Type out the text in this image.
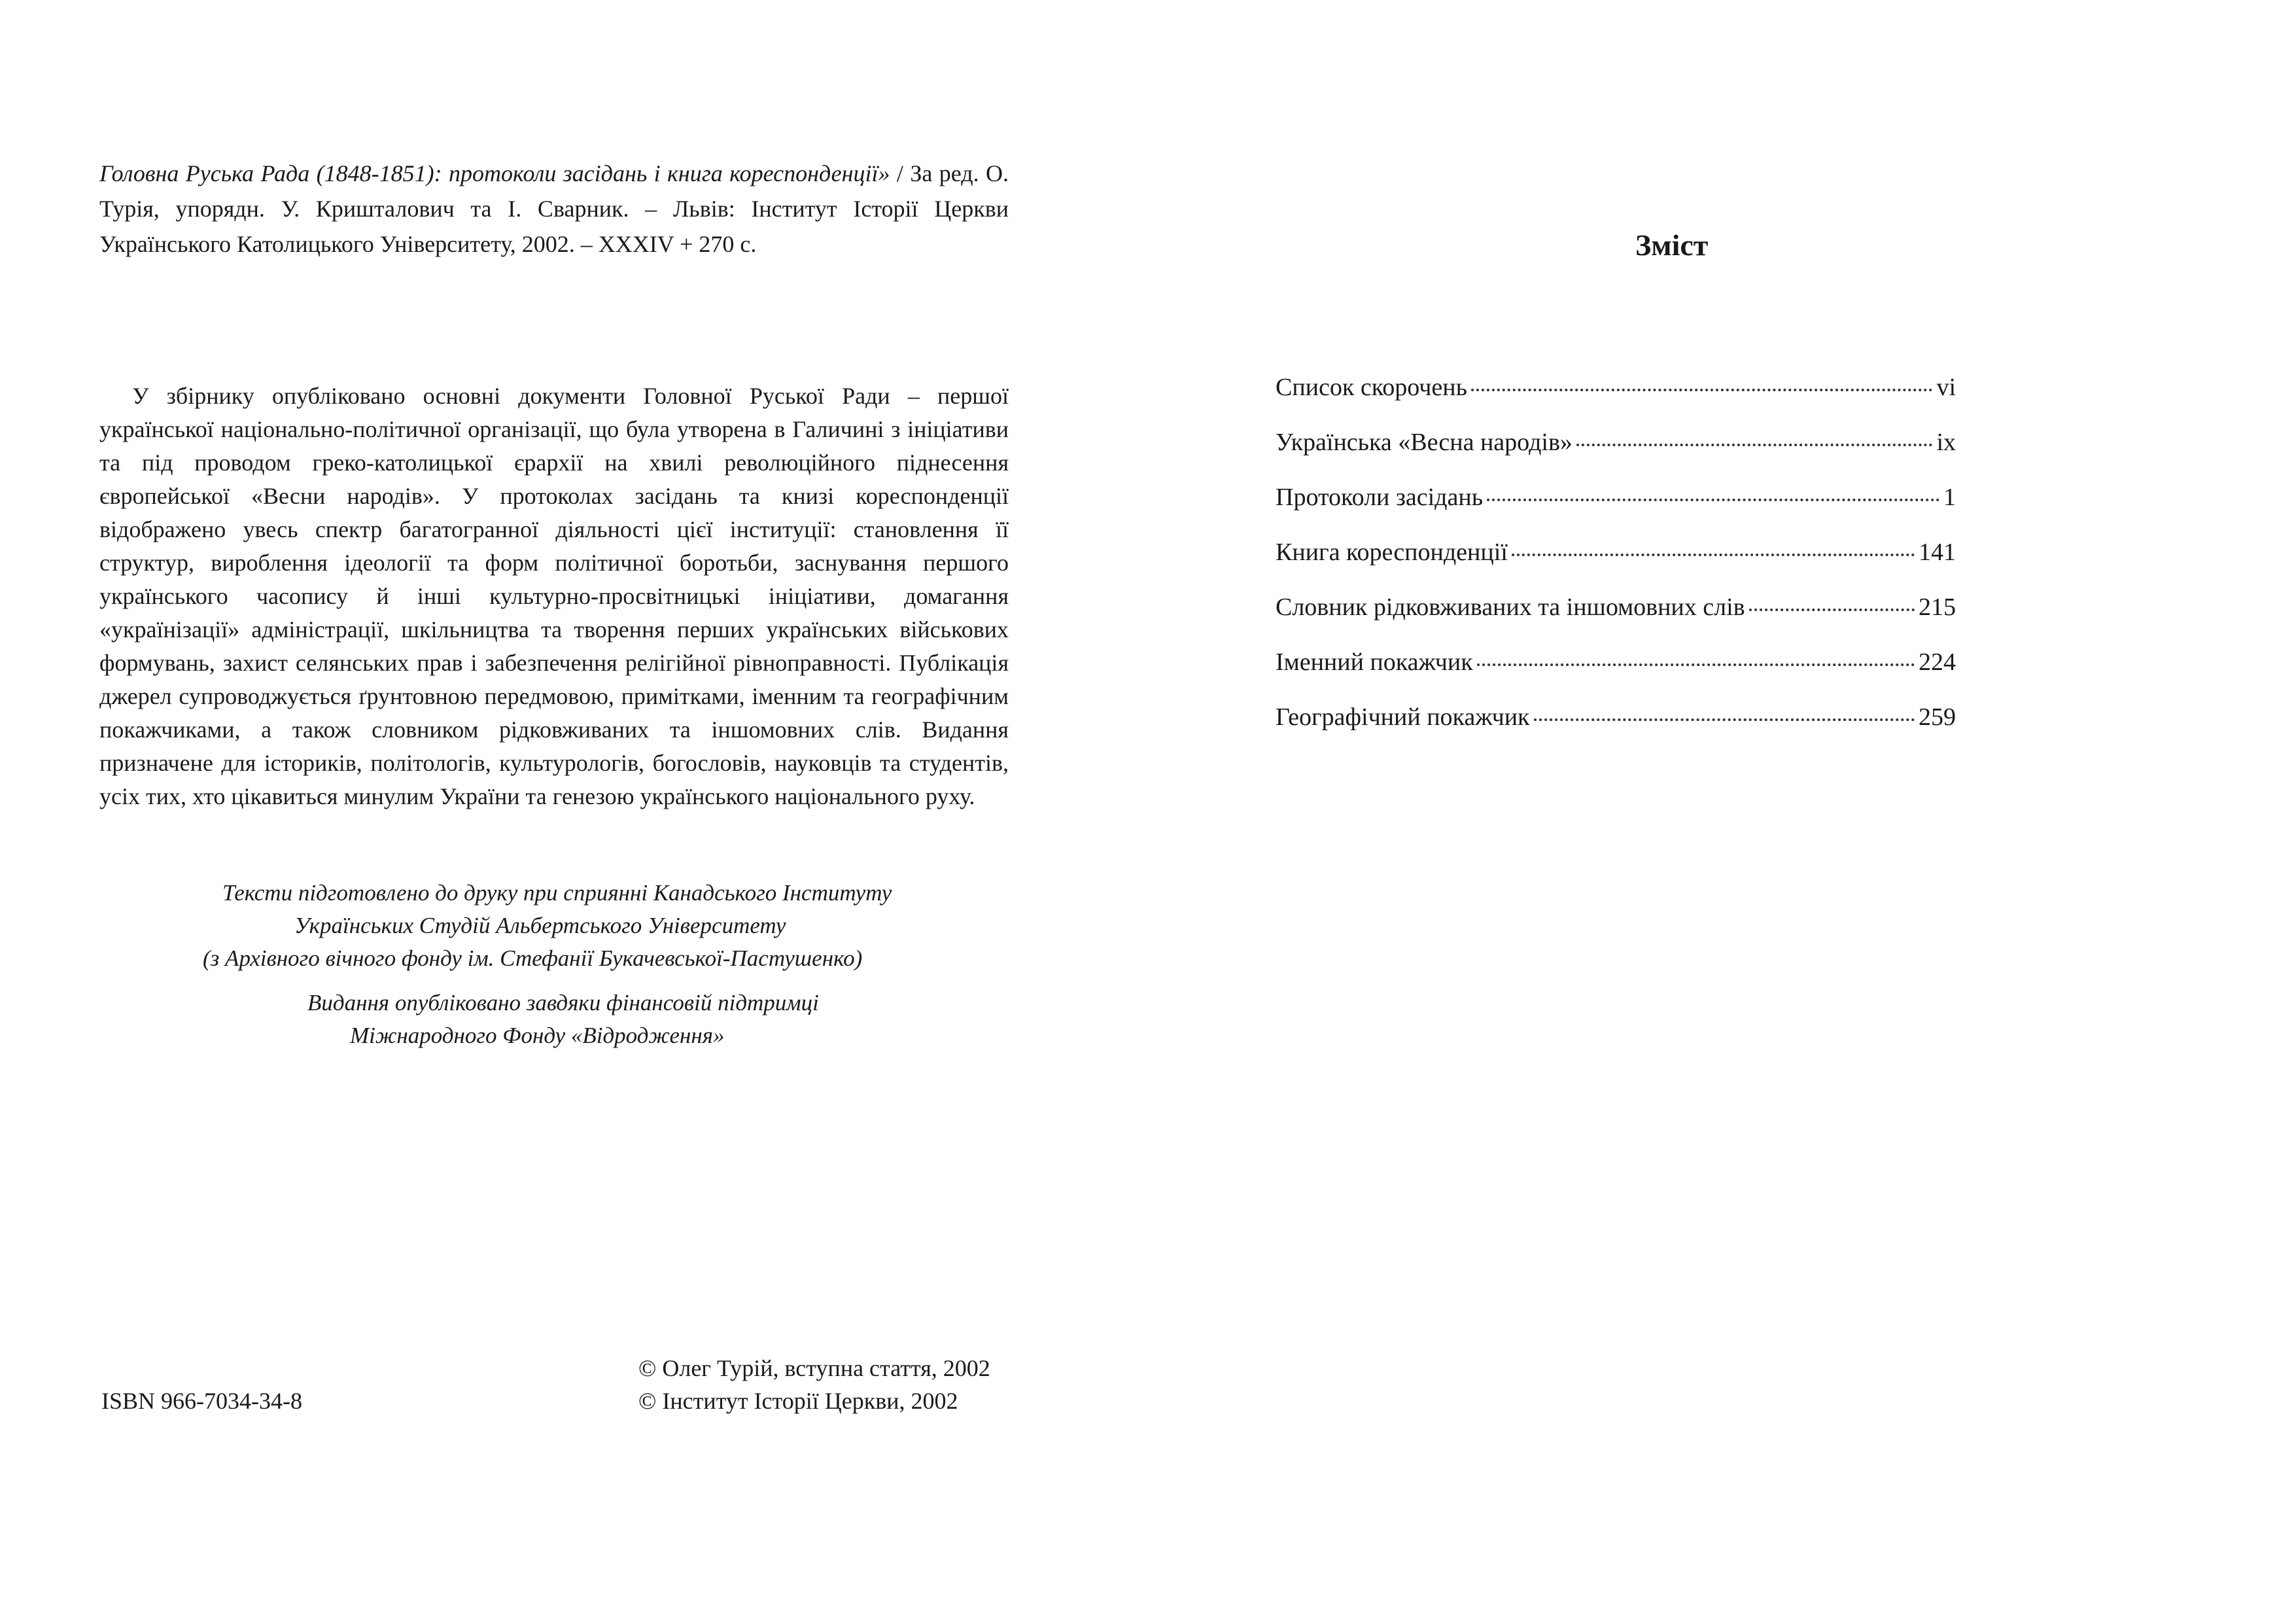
Головна Руська Рада (1848-1851): протоколи засідань і книга кореспонденції» / За ред. О. Турія, упорядн. У. Кришталович та І. Сварник. – Львів: Інститут Історії Церкви Українського Католицького Університету, 2002. – XXXIV + 270 с.

У збірнику опубліковано основні документи Головної Руської Ради – першої української національно-політичної організації, що була утворена в Галичині з ініціативи та під проводом греко-католицької єрархії на хвилі революційного піднесення європейської «Весни народів». У протоколах засідань та книзі кореспонденції відображено увесь спектр багатогранної діяльності цієї інституції: становлення її структур, вироблення ідеології та форм політичної боротьби, заснування першого українського часопису й інші культурно-просвітницькі ініціативи, домагання «українізації» адміністрації, шкільництва та творення перших українських військових формувань, захист селянських прав і забезпечення релігійної рівноправності. Публікація джерел супроводжується ґрунтовною передмовою, примітками, іменним та географічним покажчиками, а також словником рідковживаних та іншомовних слів. Видання призначене для істориків, політологів, культурологів, богословів, науковців та студентів, усіх тих, хто цікавиться минулим України та генезою українського національного руху.

Тексти підготовлено до друку при сприянні Канадського Інституту
Українських Студій Альбертського Університету
(з Архівного вічного фонду ім. Стефанії Букачевської-Пастушенко)
Видання опубліковано завдяки фінансовій підтримці
Міжнародного Фонду «Відродження»
ISBN 966-7034-34-8
© Олег Турій, вступна стаття, 2002
© Інститут Історії Церкви, 2002
Зміст
Список скорочень	vi
Українська «Весна народів»	ix
Протоколи засідань	1
Книга кореспонденції	141
Словник рідковживаних та іншомовних слів	215
Іменний покажчик	224
Географічний покажчик	259
